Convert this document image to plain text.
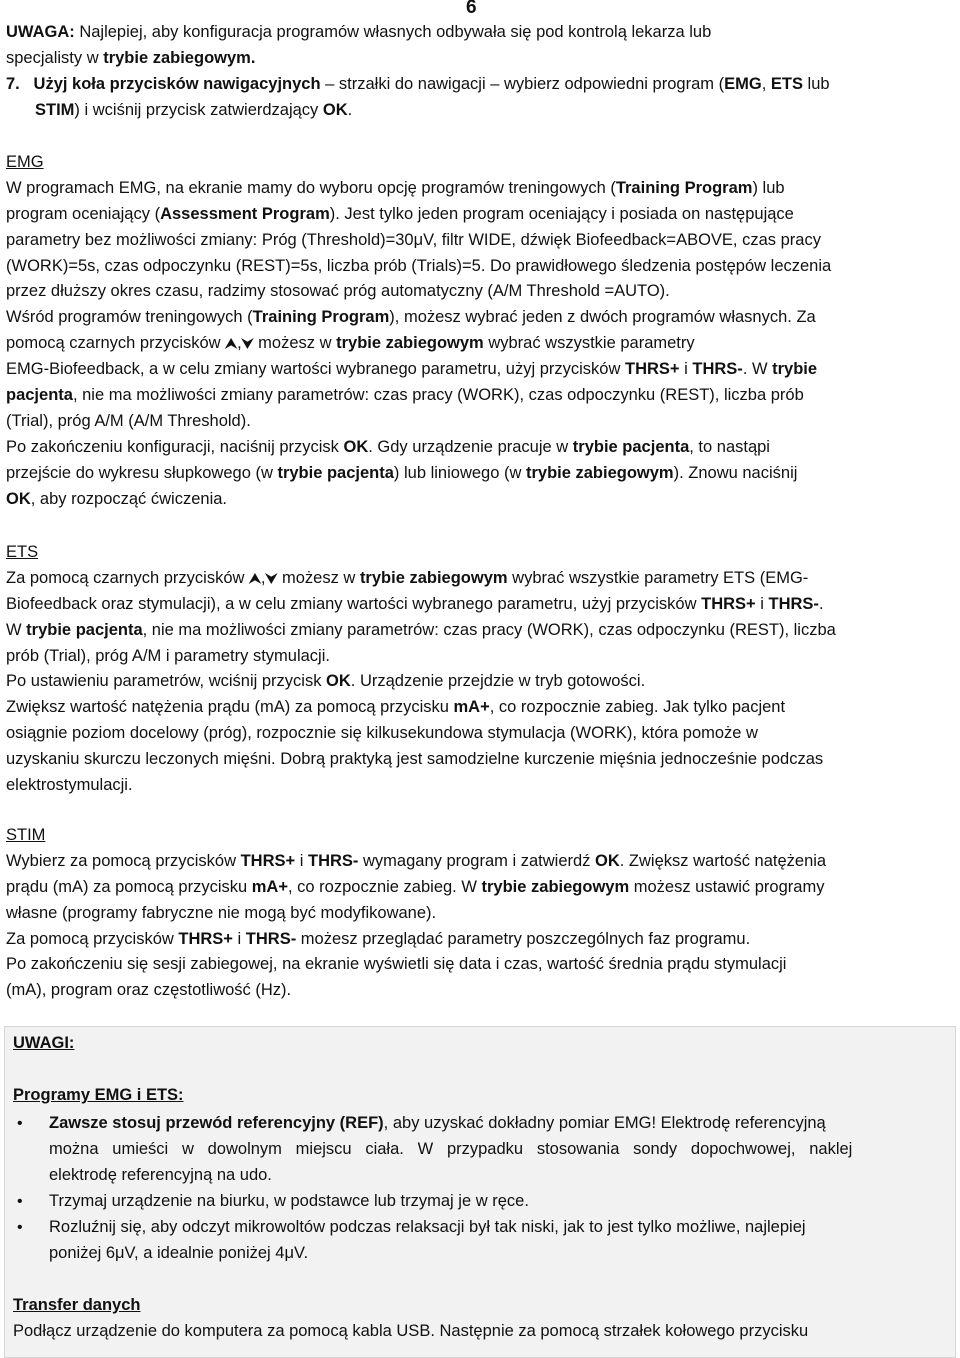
6
UWAGA: Najlepiej, aby konfiguracja programów własnych odbywała się pod kontrolą lekarza lub
specjalisty w trybie zabiegowym.
7. Użyj koła przycisków nawigacyjnych – strzałki do nawigacji – wybierz odpowiedni program (EMG, ETS lub
STIM) i wciśnij przycisk zatwierdzający OK.
EMG
W programach EMG, na ekranie mamy do wyboru opcję programów treningowych (Training Program) lub
program oceniający (Assessment Program). Jest tylko jeden program oceniający i posiada on następujące
parametry bez możliwości zmiany: Próg (Threshold)=30μV, filtr WIDE, dźwięk Biofeedback=ABOVE, czas pracy
(WORK)=5s, czas odpoczynku (REST)=5s, liczba prób (Trials)=5. Do prawidłowego śledzenia postępów leczenia
przez dłuższy okres czasu, radzimy stosować próg automatyczny (A/M Threshold =AUTO).
Wśród programów treningowych (Training Program), możesz wybrać jeden z dwóch programów własnych. Za
pomocą czarnych przycisków ⮝,⮟ możesz w trybie zabiegowym wybrać wszystkie parametry
EMG-Biofeedback, a w celu zmiany wartości wybranego parametru, użyj przycisków THRS+ i THRS-. W trybie
pacjenta, nie ma możliwości zmiany parametrów: czas pracy (WORK), czas odpoczynku (REST), liczba prób
(Trial), próg A/M (A/M Threshold).
Po zakończeniu konfiguracji, naciśnij przycisk OK. Gdy urządzenie pracuje w trybie pacjenta, to nastąpi
przejście do wykresu słupkowego (w trybie pacjenta) lub liniowego (w trybie zabiegowym). Znowu naciśnij
OK, aby rozpocząć ćwiczenia.
ETS
Za pomocą czarnych przycisków ⮝,⮟ możesz w trybie zabiegowym wybrać wszystkie parametry ETS (EMG-
Biofeedback oraz stymulacji), a w celu zmiany wartości wybranego parametru, użyj przycisków THRS+ i THRS-.
W trybie pacjenta, nie ma możliwości zmiany parametrów: czas pracy (WORK), czas odpoczynku (REST), liczba
prób (Trial), próg A/M i parametry stymulacji.
Po ustawieniu parametrów, wciśnij przycisk OK. Urządzenie przejdzie w tryb gotowości.
Zwiększ wartość natężenia prądu (mA) za pomocą przycisku mA+, co rozpocznie zabieg. Jak tylko pacjent
osiągnie poziom docelowy (próg), rozpocznie się kilkusekundowa stymulacja (WORK), która pomoże w
uzyskaniu skurczu leczonych mięśni. Dobrą praktyką jest samodzielne kurczenie mięśnia jednocześnie podczas
elektrostymulacji.
STIM
Wybierz za pomocą przycisków THRS+ i THRS- wymagany program i zatwierdź OK. Zwiększ wartość natężenia
prądu (mA) za pomocą przycisku mA+, co rozpocznie zabieg. W trybie zabiegowym możesz ustawić programy
własne (programy fabryczne nie mogą być modyfikowane).
Za pomocą przycisków THRS+ i THRS- możesz przeglądać parametry poszczególnych faz programu.
Po zakończeniu się sesji zabiegowej, na ekranie wyświetli się data i czas, wartość średnia prądu stymulacji
(mA), program oraz częstotliwość (Hz).
UWAGI:
Programy EMG i ETS:
• Zawsze stosuj przewód referencyjny (REF), aby uzyskać dokładny pomiar EMG! Elektrodę referencyjną
można   umieści   w   dowolnym   miejscu   ciała.   W   przypadku   stosowania   sondy   dopochwowej,   naklej
elektrodę referencyjną na udo.
• Trzymaj urządzenie na biurku, w podstawce lub trzymaj je w ręce.
• Rozluźnij się, aby odczyt mikrowoltów podczas relaksacji był tak niski, jak to jest tylko możliwe, najlepiej
poniżej 6μV, a idealnie poniżej 4μV.
Transfer danych
Podłącz urządzenie do komputera za pomocą kabla USB. Następnie za pomocą strzałek kołowego przycisku
